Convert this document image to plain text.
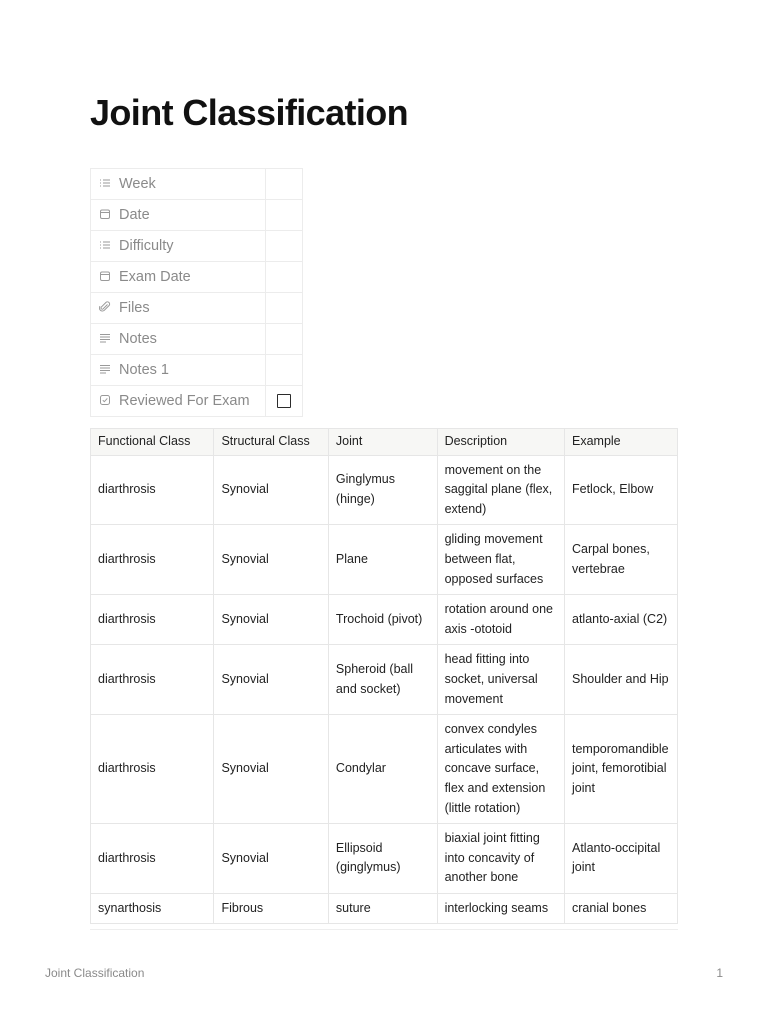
Joint Classification
Week	
Date	
Difficulty	
Exam Date	
Files	
Notes	
Notes 1	
Reviewed For Exam	
Functional Class	Structural Class	Joint	Description	Example
diarthrosis	Synovial	Ginglymus (hinge)	movement on the saggital plane (flex, extend)	Fetlock, Elbow
diarthrosis	Synovial	Plane	gliding movement between flat, opposed surfaces	Carpal bones, vertebrae
diarthrosis	Synovial	Trochoid (pivot)	rotation around one axis -ototoid	atlanto-axial (C2)
diarthrosis	Synovial	Spheroid (ball and socket)	head fitting into socket, universal movement	Shoulder and Hip
diarthrosis	Synovial	Condylar	convex condyles articulates with concave surface, flex and extension (little rotation)	temporomandible joint, femorotibial joint
diarthrosis	Synovial	Ellipsoid (ginglymus)	biaxial joint fitting into concavity of another bone	Atlanto-occipital joint
synarthosis	Fibrous	suture	interlocking seams	cranial bones
Joint Classification	1
